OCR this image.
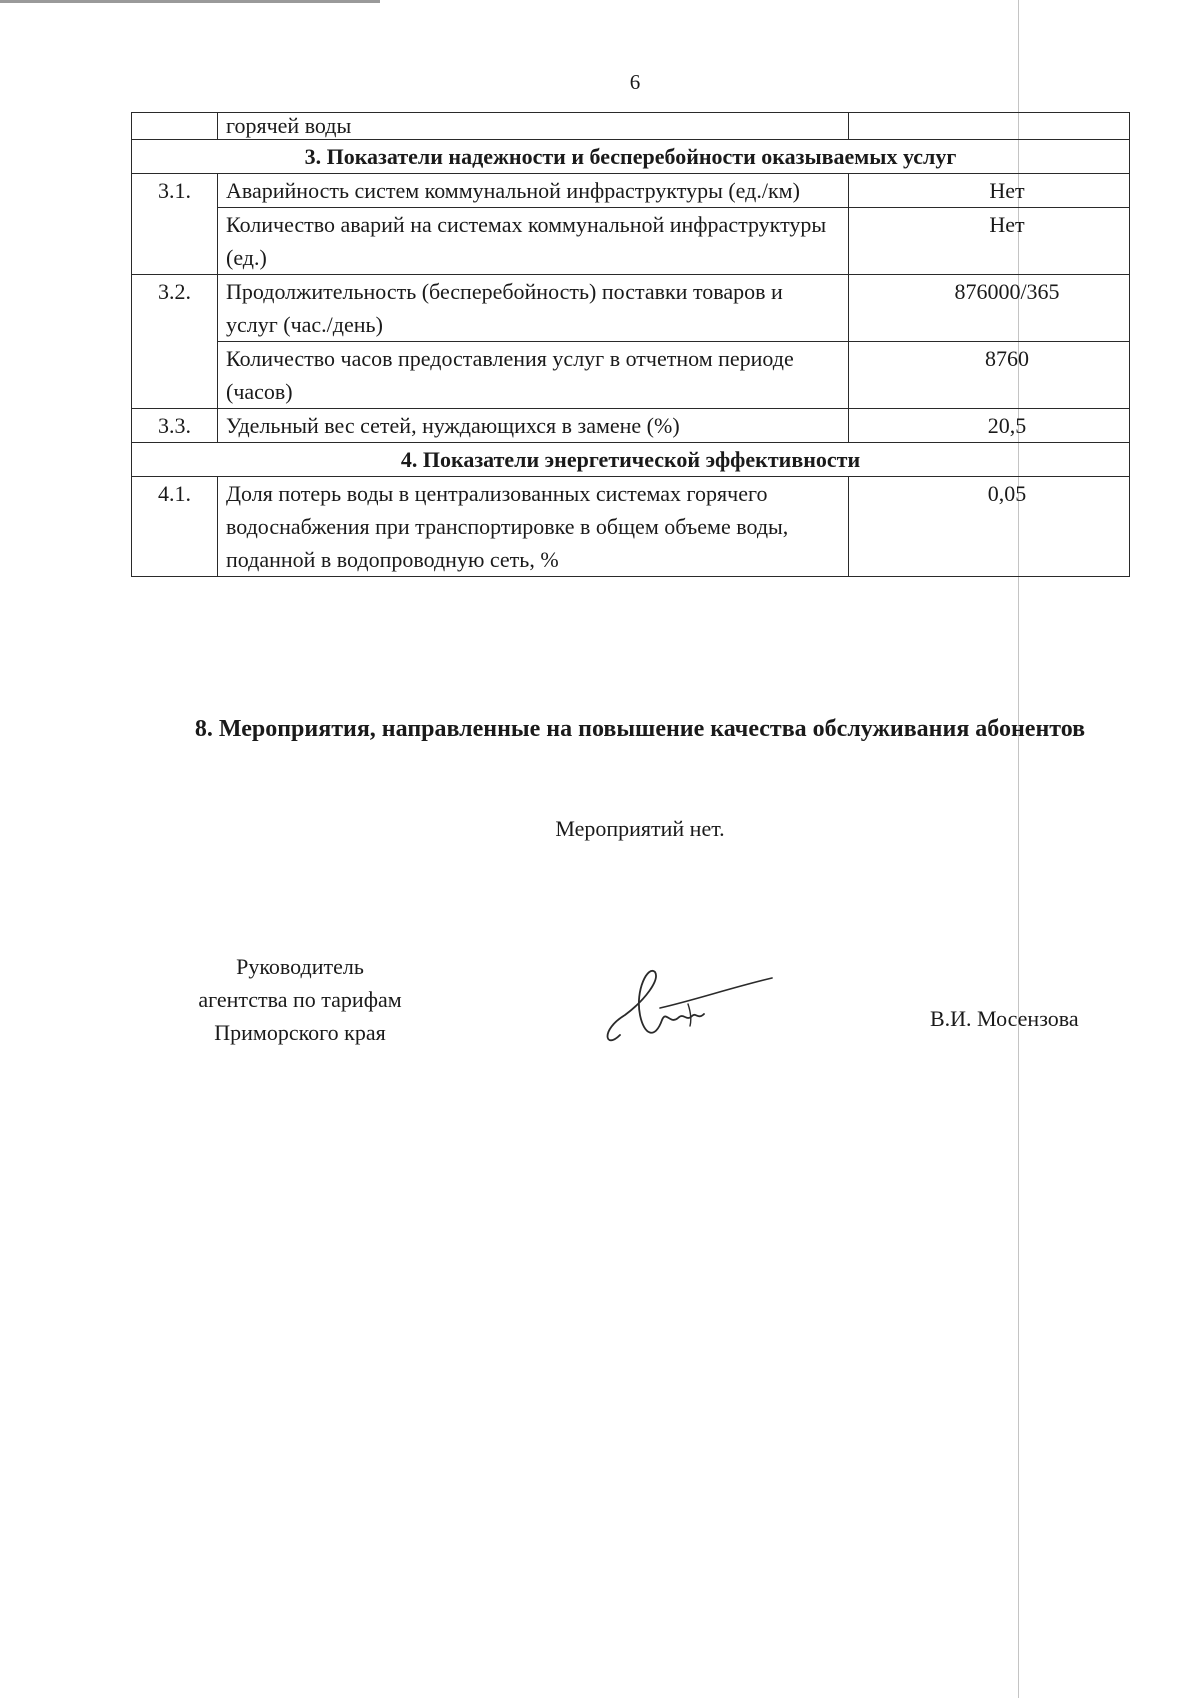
6
	горячей воды	
3. Показатели надежности и бесперебойности оказываемых услуг		
3.1.	Аварийность систем коммунальной инфраструктуры (ед./км)	Нет
	Количество аварий на системах коммунальной инфраструктуры (ед.)	Нет
3.2.	Продолжительность (бесперебойность) поставки товаров и услуг (час./день)	876000/365
	Количество часов предоставления услуг в отчетном периоде (часов)	8760
3.3.	Удельный вес сетей, нуждающихся в замене (%)	20,5
4. Показатели энергетической эффективности		
4.1.	Доля потерь воды в централизованных системах горячего водоснабжения при транспортировке в общем объеме воды, поданной в водопроводную сеть, %	0,05
8. Мероприятия, направленные на повышение качества обслуживания абонентов
Мероприятий нет.
Руководитель
агентства по тарифам
Приморского края
В.И. Мосензова
